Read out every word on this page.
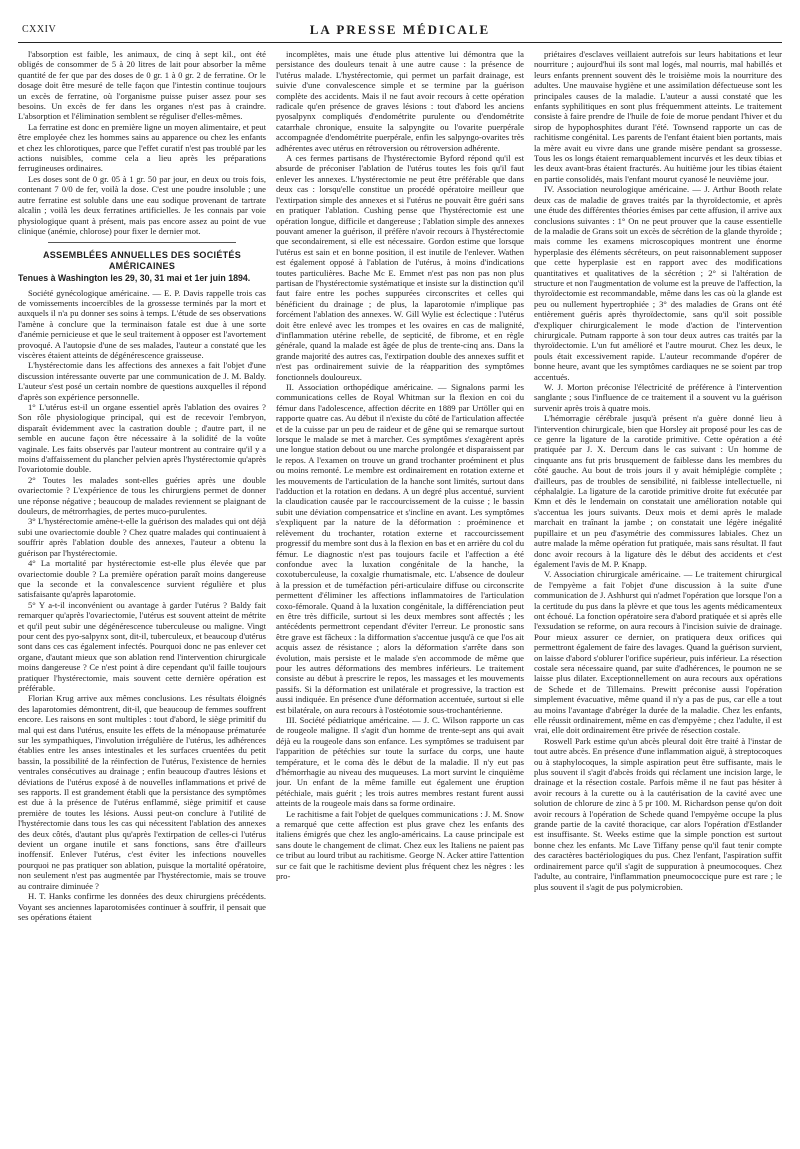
CXXIV	LA PRESSE MÉDICALE

l'absorption est faible, les animaux, de cinq à sept kil., ont été obligés de consommer de 5 à 20 litres de lait pour absorber la même quantité de fer que par des doses de 0 gr. 1 à 0 gr. 2 de ferratine. Or le dosage doit être mesuré de telle façon que l'intestin continue toujours un excès de ferratine, où l'organisme puisse puiser assez pour ses besoins. Un excès de fer dans les organes n'est pas à craindre. L'absorption et l'élimination semblent se réguliser d'elles-mêmes.

La ferratine est donc en première ligne un moyen alimentaire, et peut être employée chez les hommes sains au apparence ou chez les enfants et chez les chlorotiques, parce que l'effet curatif n'est pas troublé par les actions nuisibles, comme cela a lieu après les préparations ferrugineuses ordinaires.

Les doses sont de 0 gr. 05 à 1 gr. 50 par jour, en deux ou trois fois, contenant 7 0/0 de fer, voilà la dose. C'est une poudre insoluble ; une autre ferratine est soluble dans une eau sodique provenant de tartrate alcalin ; voilà les deux ferratines artificielles. Je les connais par voie physiologique quant à présent, mais pas encore assez au point de vue clinique (anémie, chlorose) pour fixer le dernier mot.

ASSEMBLÉES ANNUELLES DES SOCIÉTÉS AMÉRICAINES
Tenues à Washington les 29, 30, 31 mai et 1er juin 1894.

Société gynécologique américaine. — E. P. Davis rappelle trois cas de vomissements incoercibles de la grossesse terminés par la mort et auxquels il n'a pu donner ses soins à temps. L'étude de ses observations l'amène à conclure que la terminaison fatale est due à une sorte d'anémie pernicieuse et que le seul traitement à opposer est l'avortement provoqué. A l'autopsie d'une de ses malades, l'auteur a constaté que les viscères étaient atteints de dégénérescence graisseuse.

L'hystérectomie dans les affections des annexes a fait l'objet d'une discussion intéressante ouverte par une communication de J. M. Baldy. L'auteur s'est posé un certain nombre de questions auxquelles il répond d'après son expérience personnelle.

1° L'utérus est-il un organe essentiel après l'ablation des ovaires ? Son rôle physiologique principal, qui est de recevoir l'embryon, disparaît évidemment avec la castration double ; d'autre part, il ne semble en aucune façon être nécessaire à la solidité de la voûte vaginale. Les faits observés par l'auteur montrent au contraire qu'il y a moins d'affaissement du plancher pelvien après l'hystérectomie qu'après l'ovariotomie double.

2° Toutes les malades sont-elles guéries après une double ovariectomie ? L'expérience de tous les chirurgiens permet de donner une réponse négative ; beaucoup de malades reviennent se plaignant de douleurs, de métrorrhagies, de pertes muco-purulentes.

3° L'hystérectomie amène-t-elle la guérison des malades qui ont déjà subi une ovariectomie double ? Chez quatre malades qui continuaient à souffrir après l'ablation double des annexes, l'auteur a obtenu la guérison par l'hystérectomie.

4° La mortalité par hystérectomie est-elle plus élevée que par ovariectomie double ? La première opération paraît moins dangereuse que la seconde et la convalescence survient régulière et plus satisfaisante qu'après laparotomie.

5° Y a-t-il inconvénient ou avantage à garder l'utérus ? Baldy fait remarquer qu'après l'ovariectomie, l'utérus est souvent atteint de métrite et qu'il peut subir une dégénérescence tuberculeuse ou maligne. Vingt pour cent des pyo-salpynx sont, dit-il, tuberculeux, et beaucoup d'utérus sont dans ces cas également infectés. Pourquoi donc ne pas enlever cet organe, d'autant mieux que son ablation rend l'intervention chirurgicale moins dangereuse ? Ce n'est point à dire cependant qu'il faille toujours pratiquer l'hystérectomie, mais souvent cette dernière opération est préférable.

Florian Krug arrive aux mêmes conclusions. Les résultats éloignés des laparotomies démontrent, dit-il, que beaucoup de femmes souffrent encore. Les raisons en sont multiples : tout d'abord, le siège primitif du mal qui est dans l'utérus, ensuite les effets de la ménopause prématurée sur les sympathiques, l'involution irrégulière de l'utérus, les adhérences établies entre les anses intestinales et les surfaces cruentées du petit bassin, la possibilité de la réinfection de l'utérus, l'existence de hernies ventrales consécutives au drainage ; enfin beaucoup d'autres lésions et déviations de l'utérus exposé à de nouvelles inflammations et privé de ses rapports. Il est grandement établi que la persistance des symptômes est due à la présence de l'utérus enflammé, siège primitif et cause première de toutes les lésions. Aussi peut-on conclure à l'utilité de l'hystérectomie dans tous les cas qui nécessitent l'ablation des annexes des deux côtés, d'autant plus qu'après l'extirpation de celles-ci l'utérus devient un organe inutile et sans fonctions, sans être d'ailleurs inoffensif. Enlever l'utérus, c'est éviter les infections nouvelles pourquoi ne pas pratiquer son ablation, puisque la mortalité opératoire, non seulement n'est pas augmentée par l'hystérectomie, mais se trouve au contraire diminuée ?

H. T. Hanks confirme les données des deux chirurgiens précédents. Voyant ses anciennes laparotomisées continuer à souffrir, il pensait que ses opérations étaient

incomplètes, mais une étude plus attentive lui démontra que la persistance des douleurs tenait à une autre cause : la présence de l'utérus malade. L'hystérectomie, qui permet un parfait drainage, est suivie d'une convalescence simple et se termine par la guérison complète des accidents. Mais il ne faut avoir recours à cette opération radicale qu'en présence de graves lésions : tout d'abord les anciens pyosalpynx compliqués d'endométrite purulente ou d'endométrite catarrhale chronique, ensuite la salpyngite ou l'ovarite puerpérale accompagnée d'endométrite puerpérale, enfin les salpyngo-ovarites très adhérentes avec utérus en rétroversion ou rétroversion adhérente.

A ces fermes partisans de l'hystérectomie Byford répond qu'il est absurde de préconiser l'ablation de l'utérus toutes les fois qu'il faut enlever les annexes. L'hystérectomie ne peut être préférable que dans deux cas : lorsqu'elle constitue un procédé opératoire meilleur que l'extirpation simple des annexes et si l'utérus ne pouvait être guéri sans en pratiquer l'ablation. Cushing pense que l'hystérectomie est une opération longue, difficile et dangereuse ; l'ablation simple des annexes pouvant amener la guérison, il préfère n'avoir recours à l'hystérectomie que secondairement, si elle est nécessaire. Gordon estime que lorsque l'utérus est sain et en bonne position, il est inutile de l'enlever. Wathen est également opposé à l'ablation de l'utérus, à moins d'indications toutes particulières. Bache Mc E. Emmet n'est pas non pas non plus partisan de l'hystérectomie systématique et insiste sur la distinction qu'il faut faire entre les poches suppurées circonscrites et celles qui bénéficient du drainage ; de plus, la laparotomie n'implique pas forcément l'ablation des annexes. W. Gill Wylie est éclectique : l'utérus doit être enlevé avec les trompes et les ovaires en cas de malignité, d'inflammation utérine rebelle, de septicité, de fibrome, et en règle générale, quand la malade est âgée de plus de trente-cinq ans. Dans la grande majorité des autres cas, l'extirpation double des annexes suffit et n'est pas ordinairement suivie de la réapparition des symptômes fonctionnels douloureux.

II. Association orthopédique américaine. — Signalons parmi les communications celles de Royal Whitman sur la flexion en coi du fémur dans l'adolescence, affection décrite en 1889 par Urtöller qui en rapporte quatre cas. Au début il n'existe du côté de l'articulation affectée et de la cuisse par un peu de raideur et de gêne qui se remarque surtout lorsque le malade se met à marcher. Ces symptômes s'exagèrent après une longue station debout ou une marche prolongée et disparaissent par le repos. A l'examen on trouve un grand trochanter proéminent et plus ou moins remonté. Le membre est ordinairement en rotation externe et les mouvements de l'articulation de la hanche sont limités, surtout dans l'adduction et la rotation en dedans. A un degré plus accentué, survient la claudication causée par le raccourcissement de la cuisse ; le bassin subit une déviation compensatrice et s'incline en avant. Les symptômes s'expliquent par la nature de la déformation : proéminence et relèvement du trochanter, rotation externe et raccourcissement progressif du membre sont dus à la flexion en bas et en arrière du col du fémur. Le diagnostic n'est pas toujours facile et l'affection a été confondue avec la luxation congénitale de la hanche, la coxotuberculeuse, la coxalgie rhumatismale, etc. L'absence de douleur à la pression et de tuméfaction péri-articulaire diffuse ou circonscrite permettent d'éliminer les affections inflammatoires de l'articulation coxo-fémorale. Quand à la luxation congénitale, la différenciation peut en être très difficile, surtout si les deux membres sont affectés ; les antécédents permettront cependant d'éviter l'erreur. Le pronostic sans être grave est fâcheux : la difformation s'accentue jusqu'à ce que l'os ait acquis assez de résistance ; alors la déformation s'arrête dans son évolution, mais persiste et le malade s'en accommode de même que pour les autres déformations des membres inférieurs. Le traitement consiste au début à prescrire le repos, les massages et les mouvements passifs. Si la déformation est unilatérale et progressive, la traction est aussi indiquée. En présence d'une déformation accentuée, surtout si elle est bilatérale, on aura recours à l'ostéotomie sous-trochantérienne.

III. Société pédiatrique américaine. — J. C. Wilson rapporte un cas de rougeole maligne. Il s'agit d'un homme de trente-sept ans qui avait déjà eu la rougeole dans son enfance. Les symptômes se traduisent par l'apparition de pétéchies sur toute la surface du corps, une haute température, et le coma dès le début de la maladie. Il n'y eut pas d'hémorrhagie au niveau des muqueuses. La mort survint le cinquième jour. Un enfant de la même famille eut également une éruption pétéchiale, mais guérit ; les trois autres membres restant furent aussi atteints de la rougeole mais dans sa forme ordinaire.

Le rachitisme a fait l'objet de quelques communications : J. M. Snow a remarqué que cette affection est plus grave chez les enfants des italiens émigrés que chez les anglo-américains. La cause principale est sans doute le changement de climat. Chez eux les Italiens ne paient pas ce tribut au lourd tribut au rachitisme. George N. Acker attire l'attention sur ce fait que le rachitisme devient plus fréquent chez les nègres : les pro-

priétaires d'esclaves veillaient autrefois sur leurs habitations et leur nourriture ; aujourd'hui ils sont mal logés, mal nourris, mal habillés et leurs enfants prennent souvent dès le troisième mois la nourriture des adultes. Une mauvaise hygiène et une assimilation défectueuse sont les principales causes de la maladie. L'auteur a aussi constaté que les enfants syphilitiques en sont plus fréquemment atteints. Le traitement consiste à faire prendre de l'huile de foie de morue pendant l'hiver et du sirop de hypophosphites durant l'été. Townsend rapporte un cas de rachitisme congénital. Les parents de l'enfant étaient bien portants, mais la mère avait eu vivre dans une grande misère pendant sa grossesse. Tous les os longs étaient remarquablement incurvés et les deux tibias et les deux avant-bras étaient fracturés. Au huitième jour les tibias étaient en partie consolidés, mais l'enfant mourut cyanosé le neuvième jour.

IV. Association neurologique américaine. — J. Arthur Booth relate deux cas de maladie de graves traités par la thyroïdectomie, et après une étude des différentes théories émises par cette affusion, il arrive aux conclusions suivantes : 1° On ne peut prouver que la cause essentielle de la maladie de Grans soit un excès de sécrétion de la glande thyroïde ; mais comme les examens microscopiques montrent une énorme hyperplasie des éléments sécréteurs, on peut raisonnablement supposer que cette hyperplasie est en rapport avec des modifications quantitatives et qualitatives de la sécrétion ; 2° si l'altération de structure et non l'augmentation de volume est la preuve de l'affection, la thyroïdectomie est recommandable, même dans les cas où la glande est peu ou nullement hypertrophiée ; 3° des maladies de Grans ont été entièrement guéris après thyroïdectomie, sans qu'il soit possible d'expliquer chirurgicalement le mode d'action de l'intervention chirurgicale. Putnam rapporte à son tour deux autres cas traités par la thyroïdectomie. L'un fut amélioré et l'autre mourut. Chez les deux, le pouls était excessivement rapide. L'auteur recommande d'opérer de bonne heure, avant que les symptômes cardiaques ne se soient par trop accentués.

W. J. Morton préconise l'électricité de préférence à l'intervention sanglante ; sous l'influence de ce traitement il a souvent vu la guérison survenir après trois à quatre mois.

L'hémorragie cérébrale jusqu'à présent n'a guère donné lieu à l'intervention chirurgicale, bien que Horsley ait proposé pour les cas de ce genre la ligature de la carotide primitive. Cette opération a été pratiquée par J. X. Dercum dans le cas suivant : Un homme de cinquante ans fut pris brusquement de faiblesse dans les membres du côté gauche. Au bout de trois jours il y avait hémiplégie complète ; d'ailleurs, pas de troubles de sensibilité, ni faiblesse intellectuelle, ni céphalalgie. La ligature de la carotide primitive droite fut exécutée par Kmn et dès le lendemain on constatait une amélioration notable qui s'accentua les jours suivants. Deux mois et demi après le malade marchait en traînant la jambe ; on constatait une légère inégalité pupillaire et un peu d'asymétrie des commissures labiales. Chez un autre malade la même opération fut pratiquée, mais sans résultat. Il faut donc avoir recours à la ligature dès le début des accidents et c'est également l'avis de M. P. Knapp.

V. Association chirurgicale américaine. — Le traitement chirurgical de l'empyème a fait l'objet d'une discussion à la suite d'une communication de J. Ashhurst qui n'admet l'opération que lorsque l'on a la certitude du pus dans la plèvre et que tous les agents médicamenteux ont échoué. La fonction opératoire sera d'abord pratiquée et si après elle l'exsudation se reforme, on aura recours à l'incision suivie de drainage. Pour mieux assurer ce dernier, on pratiquera deux orifices qui permettront également de faire des lavages. Quand la guérison survient, on laisse d'abord s'oblurer l'orifice supérieur, puis inférieur. La résection costale sera nécessaire quand, par suite d'adhérences, le poumon ne se laisse plus dilater. Exceptionnellement on aura recours aux opérations de Schede et de Tillemains. Prewitt préconise aussi l'opération simplement évacuative, même quand il n'y a pas de pus, car elle a tout au moins l'avantage d'abréger la durée de la maladie. Chez les enfants, elle réussit ordinairement, même en cas d'empyème ; chez l'adulte, il est vrai, elle doit ordinairement être privée de résection costale.

Roswell Park estime qu'un abcès pleural doit être traité à l'instar de tout autre abcès. En présence d'une inflammation aiguë, à streptocoques ou à staphylocoques, la simple aspiration peut être suffisante, mais le plus souvent il s'agit d'abcès froids qui réclament une incision large, le drainage et la résection costale. Parfois même il ne faut pas hésiter à avoir recours à la curette ou à la cautérisation de la cavité avec une solution de chlorure de zinc à 5 pr 100. M. Richardson pense qu'on doit avoir recours à l'opération de Schede quand l'empyème occupe la plus grande partie de la cavité thoracique, car alors l'opération d'Estlander est insuffisante. St. Weeks estime que la simple ponction est surtout bonne chez les enfants. Mc Lave Tiffany pense qu'il faut tenir compte des caractères bactériologiques du pus. Chez l'enfant, l'aspiration suffit ordinairement parce qu'il s'agit de suppuration à pneumocoques. Chez l'adulte, au contraire, l'inflammation pneumococcique pure est rare ; le plus souvent il s'agit de pus polymicrobien.
